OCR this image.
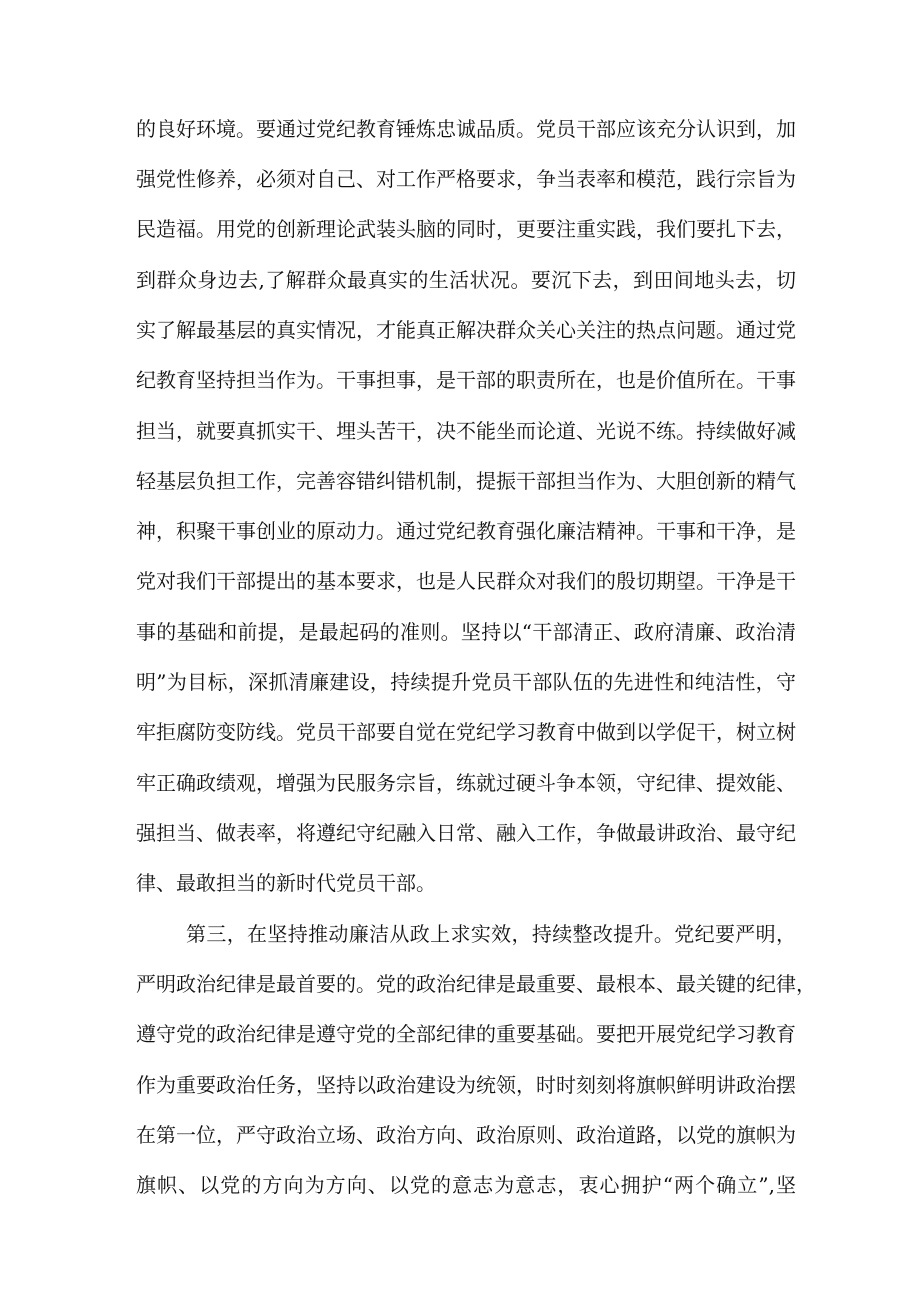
的良好环境。要通过党纪教育锤炼忠诚品质。党员干部应该充分认识到，加
强党性修养，必须对自己、对工作严格要求，争当表率和模范，践行宗旨为
民造福。用党的创新理论武装头脑的同时，更要注重实践，我们要扎下去，
到群众身边去,了解群众最真实的生活状况。要沉下去，到田间地头去，切
实了解最基层的真实情况，才能真正解决群众关心关注的热点问题。通过党
纪教育坚持担当作为。干事担事，是干部的职责所在，也是价值所在。干事
担当，就要真抓实干、埋头苦干，决不能坐而论道、光说不练。持续做好减
轻基层负担工作，完善容错纠错机制，提振干部担当作为、大胆创新的精气
神，积聚干事创业的原动力。通过党纪教育强化廉洁精神。干事和干净，是
党对我们干部提出的基本要求，也是人民群众对我们的殷切期望。干净是干
事的基础和前提，是最起码的准则。坚持以“干部清正、政府清廉、政治清
明”为目标，深抓清廉建设，持续提升党员干部队伍的先进性和纯洁性，守
牢拒腐防变防线。党员干部要自觉在党纪学习教育中做到以学促干，树立树
牢正确政绩观，增强为民服务宗旨，练就过硬斗争本领，守纪律、提效能、
强担当、做表率，将遵纪守纪融入日常、融入工作，争做最讲政治、最守纪
律、最敢担当的新时代党员干部。
第三，在坚持推动廉洁从政上求实效，持续整改提升。党纪要严明，
严明政治纪律是最首要的。党的政治纪律是最重要、最根本、最关键的纪律，
遵守党的政治纪律是遵守党的全部纪律的重要基础。要把开展党纪学习教育
作为重要政治任务，坚持以政治建设为统领，时时刻刻将旗帜鲜明讲政治摆
在第一位，严守政治立场、政治方向、政治原则、政治道路，以党的旗帜为
旗帜、以党的方向为方向、以党的意志为意志，衷心拥护“两个确立”,坚
